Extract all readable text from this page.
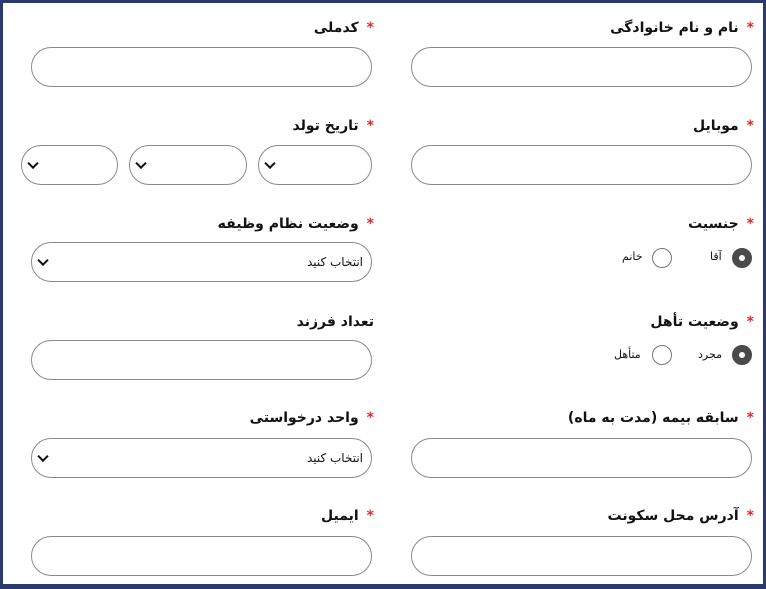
*نام و نام خانوادگی
*کدملی
*موبایل
*تاریخ تولد
*جنسیت
آقا
خانم
*وضعیت نظام وظیفه
انتخاب کنید
*وضعیت تأهل
مجرد
متأهل
تعداد فرزند
*سابقه بیمه (مدت به ماه)
*واحد درخواستی
انتخاب کنید
*آدرس محل سکونت
*ایمیل
